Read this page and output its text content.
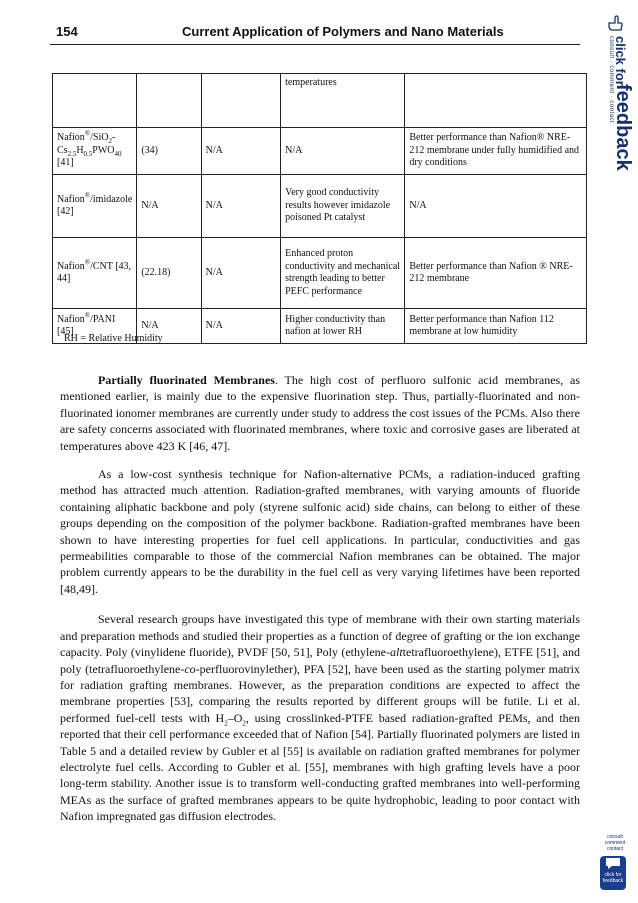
154	Current Application of Polymers and Nano Materials
			temperatures	
$Nafion®/SiO_2-Cs_{2.5}H_{0.5}PWO_{40}$ [41]	(34)	N/A	N/A	Better performance than Nafion® NRE-212 membrane under fully humidified and dry conditions
Nafion®/imidazole [42]	N/A	N/A	Very good conductivity results however imidazole poisoned Pt catalyst	N/A
Nafion®/CNT [43, 44]	(22.18)	N/A	Enhanced proton conductivity and mechanical strength leading to better PEFC performance	Better performance than Nafion ® NRE-212 membrane
Nafion®/PANI [45]	N/A	N/A	Higher conductivity than nafion at lower RH	Better performance than Nafion 112 membrane at low humidity
RH = Relative Humidity

Partially fluorinated Membranes. The high cost of perfluoro sulfonic acid membranes, as mentioned earlier, is mainly due to the expensive fluorination step. Thus, partially-fluorinated and non-fluorinated ionomer membranes are currently under study to address the cost issues of the PCMs. Also there are safety concerns associated with fluorinated membranes, where toxic and corrosive gases are liberated at temperatures above 423 K [46, 47].

As a low-cost synthesis technique for Nafion-alternative PCMs, a radiation-induced grafting method has attracted much attention. Radiation-grafted membranes, with varying amounts of fluoride containing aliphatic backbone and poly (styrene sulfonic acid) side chains, can belong to either of these groups depending on the composition of the polymer backbone. Radiation-grafted membranes have been shown to have interesting properties for fuel cell applications. In particular, conductivities and gas permeabilities comparable to those of the commercial Nafion membranes can be obtained. The major problem currently appears to be the durability in the fuel cell as very varying lifetimes have been reported [48,49].

Several research groups have investigated this type of membrane with their own starting materials and preparation methods and studied their properties as a function of degree of grafting or the ion exchange capacity. Poly (vinylidene fluoride), PVDF [50, 51], Poly (ethylene-alttetrafluoroethylene), ETFE [51], and poly (tetrafluoroethylene-co-perfluorovinylether), PFA [52], have been used as the starting polymer matrix for radiation grafting membranes. However, as the preparation conditions are expected to affect the membrane properties [53], comparing the results reported by different groups will be futile. Li et al. performed fuel-cell tests with $H_2-O_2$, using crosslinked-PTFE based radiation-grafted PEMs, and then reported that their cell performance exceeded that of Nafion [54]. Partially fluorinated polymers are listed in Table 5 and a detailed review by Gubler et al [55] is available on radiation grafted membranes for polymer electrolyte fuel cells. According to Gubler et al. [55], membranes with high grafting levels have a poor long-term stability. Another issue is to transform well-conducting grafted membranes into well-performing MEAs as the surface of grafted membranes appears to be quite hydrophobic, leading to poor contact with Nafion impregnated gas diffusion electrodes.

click for
consult · comment · contact
feedback
consult comment contact
click for feedback
